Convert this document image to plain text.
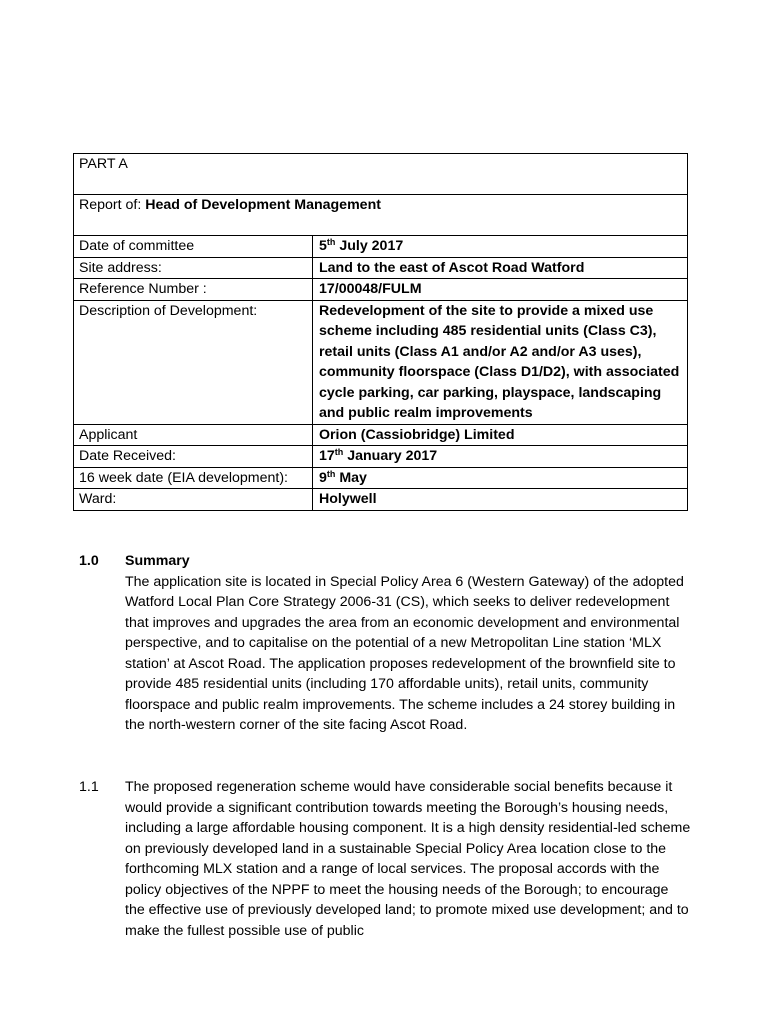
PART A	
Report of: Head of Development Management	
Date of committee	5th July 2017
Site address:	Land to the east of Ascot Road Watford
Reference Number :	17/00048/FULM
Description of Development:	Redevelopment of the site to provide a mixed use scheme including 485 residential units (Class C3), retail units (Class A1 and/or A2 and/or A3 uses), community floorspace (Class D1/D2), with associated cycle parking, car parking, playspace, landscaping and public realm improvements
Applicant	Orion (Cassiobridge) Limited
Date Received:	17th January 2017
16 week date (EIA development):	9th May
Ward:	Holywell
1.0 Summary
The application site is located in Special Policy Area 6 (Western Gateway) of the adopted Watford Local Plan Core Strategy 2006-31 (CS), which seeks to deliver redevelopment that improves and upgrades the area from an economic development and environmental perspective, and to capitalise on the potential of a new Metropolitan Line station ‘MLX station’ at Ascot Road. The application proposes redevelopment of the brownfield site to provide 485 residential units (including 170 affordable units), retail units, community floorspace and public realm improvements. The scheme includes a 24 storey building in the north-western corner of the site facing Ascot Road.
1.1 The proposed regeneration scheme would have considerable social benefits because it would provide a significant contribution towards meeting the Borough’s housing needs, including a large affordable housing component. It is a high density residential-led scheme on previously developed land in a sustainable Special Policy Area location close to the forthcoming MLX station and a range of local services. The proposal accords with the policy objectives of the NPPF to meet the housing needs of the Borough; to encourage the effective use of previously developed land; to promote mixed use development; and to make the fullest possible use of public
